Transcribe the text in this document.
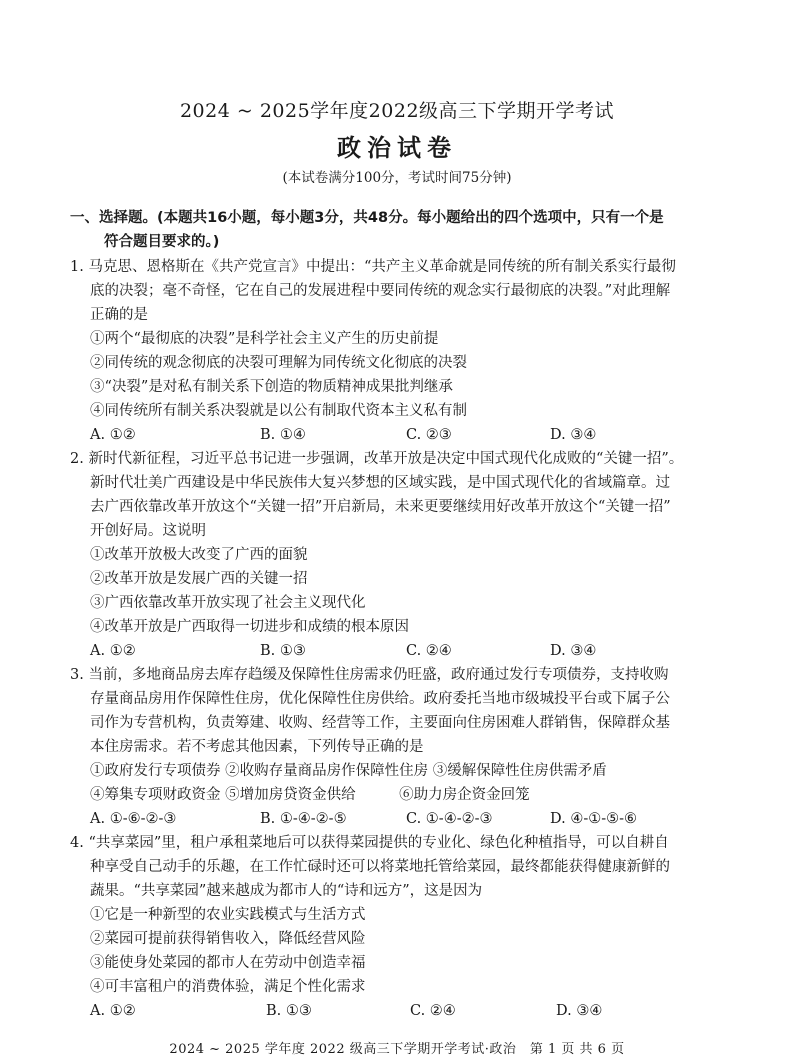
2024 ~ 2025学年度2022级高三下学期开学考试
政治试卷
(本试卷满分100分，考试时间75分钟)
一、选择题。(本题共16小题，每小题3分，共48分。每小题给出的四个选项中，只有一个是
符合题目要求的。)
1. 马克思、恩格斯在《共产党宣言》中提出：“共产主义革命就是同传统的所有制关系实行最彻
底的决裂；毫不奇怪，它在自己的发展进程中要同传统的观念实行最彻底的决裂。”对此理解
正确的是
①两个“最彻底的决裂”是科学社会主义产生的历史前提
②同传统的观念彻底的决裂可理解为同传统文化彻底的决裂
③“决裂”是对私有制关系下创造的物质精神成果批判继承
④同传统所有制关系决裂就是以公有制取代资本主义私有制
A. ①②	B. ①④	C. ②③	D. ③④
2. 新时代新征程，习近平总书记进一步强调，改革开放是决定中国式现代化成败的“关键一招”。
新时代壮美广西建设是中华民族伟大复兴梦想的区域实践，是中国式现代化的省域篇章。过
去广西依靠改革开放这个“关键一招”开启新局，未来更要继续用好改革开放这个“关键一招”
开创好局。这说明
①改革开放极大改变了广西的面貌
②改革开放是发展广西的关键一招
③广西依靠改革开放实现了社会主义现代化
④改革开放是广西取得一切进步和成绩的根本原因
A. ①②	B. ①③	C. ②④	D. ③④
3. 当前，多地商品房去库存趋缓及保障性住房需求仍旺盛，政府通过发行专项债券，支持收购
存量商品房用作保障性住房，优化保障性住房供给。政府委托当地市级城投平台或下属子公
司作为专营机构，负责筹建、收购、经营等工作，主要面向住房困难人群销售，保障群众基
本住房需求。若不考虑其他因素，下列传导正确的是
①政府发行专项债券 ②收购存量商品房作保障性住房 ③缓解保障性住房供需矛盾
④筹集专项财政资金 ⑤增加房贷资金供给　　　⑥助力房企资金回笼
A. ①-⑥-②-③	B. ①-④-②-⑤	C. ①-④-②-③	D. ④-①-⑤-⑥
4. “共享菜园”里，租户承租菜地后可以获得菜园提供的专业化、绿色化种植指导，可以自耕自
种享受自己动手的乐趣，在工作忙碌时还可以将菜地托管给菜园，最终都能获得健康新鲜的
蔬果。“共享菜园”越来越成为都市人的“诗和远方”，这是因为
①它是一种新型的农业实践模式与生活方式
②菜园可提前获得销售收入，降低经营风险
③能使身处菜园的都市人在劳动中创造幸福
④可丰富租户的消费体验，满足个性化需求
A. ①②	B. ①③	C. ②④	D. ③④
2024 ~ 2025 学年度 2022 级高三下学期开学考试·政治　第 1 页 共 6 页
